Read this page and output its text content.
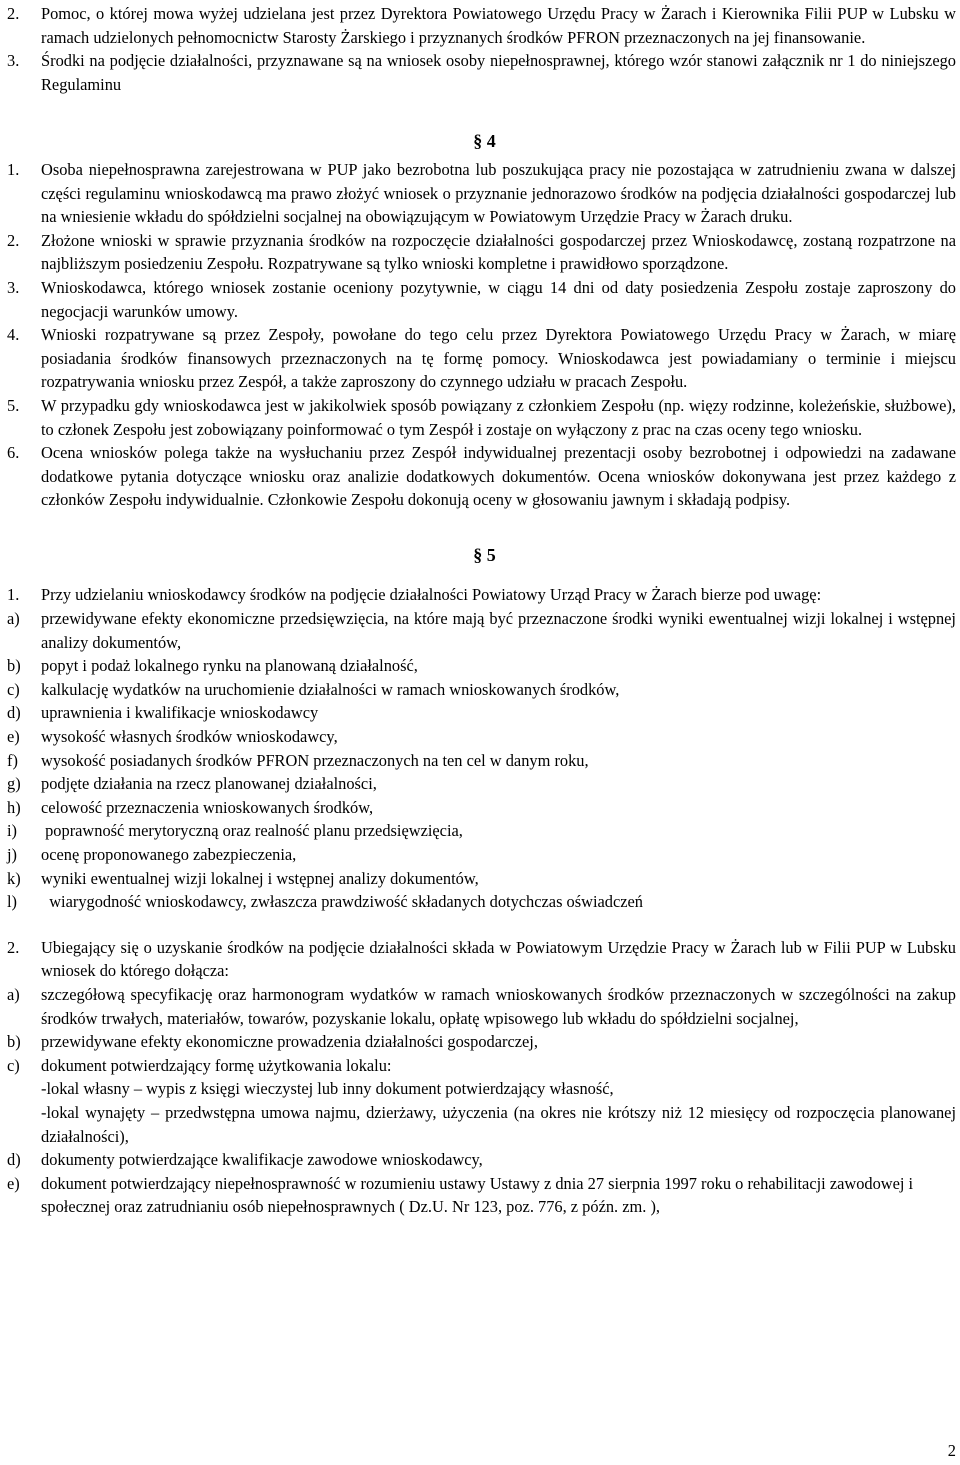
2.	Pomoc, o której mowa wyżej udzielana jest przez Dyrektora Powiatowego Urzędu Pracy w Żarach i Kierownika Filii PUP w Lubsku w ramach udzielonych pełnomocnictw Starosty Żarskiego i przyznanych środków PFRON przeznaczonych na jej finansowanie.
3.	Środki na podjęcie działalności, przyznawane są na wniosek osoby niepełnosprawnej, którego wzór stanowi załącznik nr 1 do niniejszego Regulaminu
§ 4
1.	Osoba niepełnosprawna zarejestrowana w PUP jako bezrobotna lub poszukująca pracy nie pozostająca w zatrudnieniu zwana w dalszej części regulaminu wnioskodawcą ma prawo złożyć wniosek o przyznanie jednorazowo środków na podjęcia działalności gospodarczej lub na wniesienie wkładu do spółdzielni socjalnej na obowiązującym w Powiatowym Urzędzie Pracy w Żarach druku.
2.	Złożone wnioski w sprawie przyznania środków na rozpoczęcie działalności gospodarczej przez Wnioskodawcę, zostaną rozpatrzone na najbliższym posiedzeniu Zespołu. Rozpatrywane są tylko wnioski kompletne i prawidłowo sporządzone.
3.	Wnioskodawca, którego wniosek zostanie oceniony pozytywnie, w ciągu 14 dni od daty posiedzenia Zespołu zostaje zaproszony do negocjacji warunków umowy.
4.	Wnioski rozpatrywane są przez Zespoły, powołane do tego celu przez Dyrektora Powiatowego Urzędu Pracy w Żarach, w miarę posiadania środków finansowych przeznaczonych na tę formę pomocy. Wnioskodawca jest powiadamiany o terminie i miejscu rozpatrywania wniosku przez Zespół, a także zaproszony do czynnego udziału w pracach Zespołu.
5.	W przypadku gdy wnioskodawca jest w jakikolwiek sposób powiązany z członkiem Zespołu (np. więzy rodzinne, koleżeńskie, służbowe), to członek Zespołu jest zobowiązany poinformować o tym Zespół i zostaje on wyłączony z prac na czas oceny tego wniosku.
6.	Ocena wniosków polega także na wysłuchaniu przez Zespół indywidualnej prezentacji osoby bezrobotnej i odpowiedzi na zadawane dodatkowe pytania dotyczące wniosku oraz analizie dodatkowych dokumentów. Ocena wniosków dokonywana jest przez każdego z członków Zespołu indywidualnie. Członkowie Zespołu dokonują oceny w głosowaniu jawnym i składają podpisy.
§ 5
1.	Przy udzielaniu wnioskodawcy środków na podjęcie działalności Powiatowy Urząd Pracy w Żarach bierze pod uwagę:
a)	przewidywane efekty ekonomiczne przedsięwzięcia, na które mają być przeznaczone środki wyniki ewentualnej wizji lokalnej i wstępnej analizy dokumentów,
b)	popyt i podaż lokalnego rynku na planowaną działalność,
c)	kalkulację wydatków na uruchomienie działalności w ramach wnioskowanych środków,
d)	uprawnienia i kwalifikacje wnioskodawcy
e)	wysokość własnych środków wnioskodawcy,
f)	wysokość posiadanych środków PFRON przeznaczonych na ten cel w danym roku,
g)	podjęte działania na rzecz planowanej działalności,
h)	celowość przeznaczenia wnioskowanych środków,
i)	poprawność merytoryczną oraz realność planu przedsięwzięcia,
j)	ocenę proponowanego zabezpieczenia,
k)	wyniki ewentualnej wizji lokalnej i wstępnej analizy dokumentów,
l)	wiarygodność wnioskodawcy, zwłaszcza prawdziwość składanych dotychczas oświadczeń
2.	Ubiegający się o uzyskanie środków na podjęcie działalności składa w Powiatowym Urzędzie Pracy w Żarach lub w Filii PUP w Lubsku wniosek do którego dołącza:
a)	szczegółową specyfikację oraz harmonogram wydatków w ramach wnioskowanych środków przeznaczonych w szczególności na zakup środków trwałych, materiałów, towarów, pozyskanie lokalu, opłatę wpisowego lub wkładu do spółdzielni socjalnej,
b)	przewidywane efekty ekonomiczne prowadzenia działalności gospodarczej,
c)	dokument potwierdzający formę użytkowania lokalu:
-lokal własny – wypis z księgi wieczystej lub inny dokument potwierdzający własność,
-lokal wynajęty – przedwstępna umowa najmu, dzierżawy, użyczenia (na okres nie krótszy niż 12 miesięcy od rozpoczęcia planowanej działalności),
d)	dokumenty potwierdzające kwalifikacje zawodowe wnioskodawcy,
e)	dokument potwierdzający niepełnosprawność w rozumieniu ustawy Ustawy z dnia 27 sierpnia 1997 roku o rehabilitacji zawodowej i społecznej oraz zatrudnianiu osób niepełnosprawnych ( Dz.U. Nr 123, poz. 776, z późn. zm. ),
2
